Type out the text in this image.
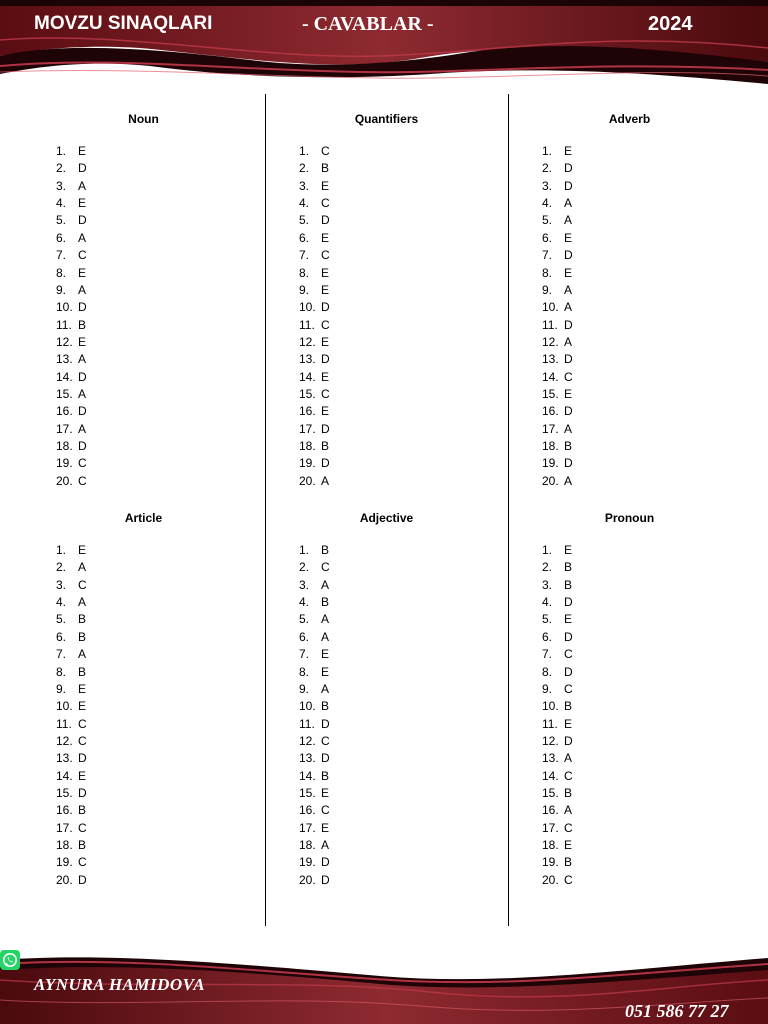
MOVZU SINAQLARI	- CAVABLAR -	2024
Noun
1. E
2. D
3. A
4. E
5. D
6. A
7. C
8. E
9. A
10. D
11. B
12. E
13. A
14. D
15. A
16. D
17. A
18. D
19. C
20. C
Quantifiers
1. C
2. B
3. E
4. C
5. D
6. E
7. C
8. E
9. E
10. D
11. C
12. E
13. D
14. E
15. C
16. E
17. D
18. B
19. D
20. A
Adverb
1. E
2. D
3. D
4. A
5. A
6. E
7. D
8. E
9. A
10. A
11. D
12. A
13. D
14. C
15. E
16. D
17. A
18. B
19. D
20. A
Article
1. E
2. A
3. C
4. A
5. B
6. B
7. A
8. B
9. E
10. E
11. C
12. C
13. D
14. E
15. D
16. B
17. C
18. B
19. C
20. D
Adjective
1. B
2. C
3. A
4. B
5. A
6. A
7. E
8. E
9. A
10. B
11. D
12. C
13. D
14. B
15. E
16. C
17. E
18. A
19. D
20. D
Pronoun
1. E
2. B
3. B
4. D
5. E
6. D
7. C
8. D
9. C
10. B
11. E
12. D
13. A
14. C
15. B
16. A
17. C
18. E
19. B
20. C
AYNURA HAMIDOVA
051 586 77 27
